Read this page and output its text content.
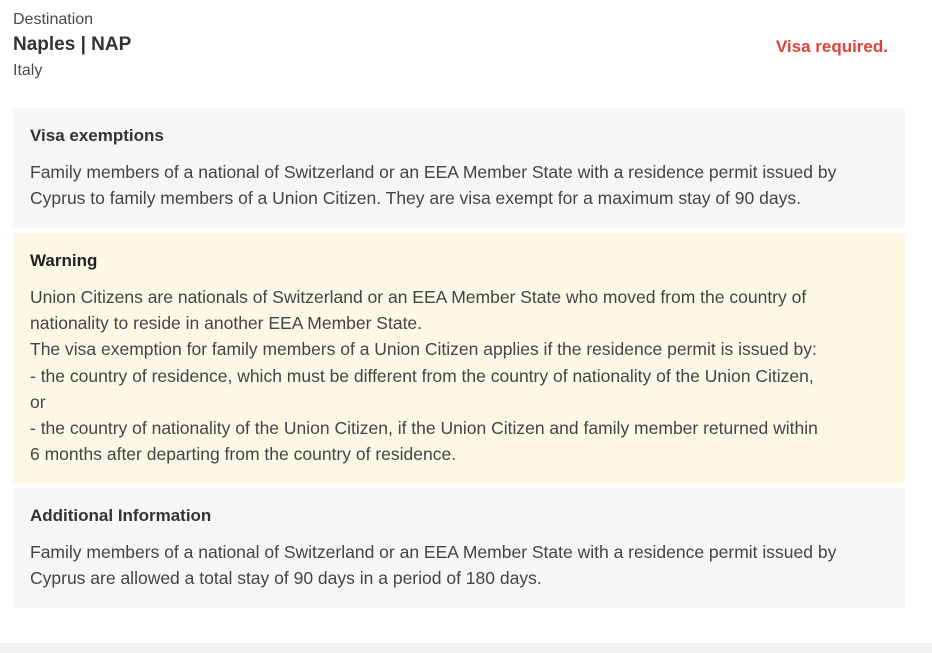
Destination
Naples | NAP
Italy
Visa required.
Visa exemptions
Family members of a national of Switzerland or an EEA Member State with a residence permit issued by
Cyprus to family members of a Union Citizen. They are visa exempt for a maximum stay of 90 days.
Warning
Union Citizens are nationals of Switzerland or an EEA Member State who moved from the country of
nationality to reside in another EEA Member State.
The visa exemption for family members of a Union Citizen applies if the residence permit is issued by:
- the country of residence, which must be different from the country of nationality of the Union Citizen,
or
- the country of nationality of the Union Citizen, if the Union Citizen and family member returned within
6 months after departing from the country of residence.
Additional Information
Family members of a national of Switzerland or an EEA Member State with a residence permit issued by
Cyprus are allowed a total stay of 90 days in a period of 180 days.
